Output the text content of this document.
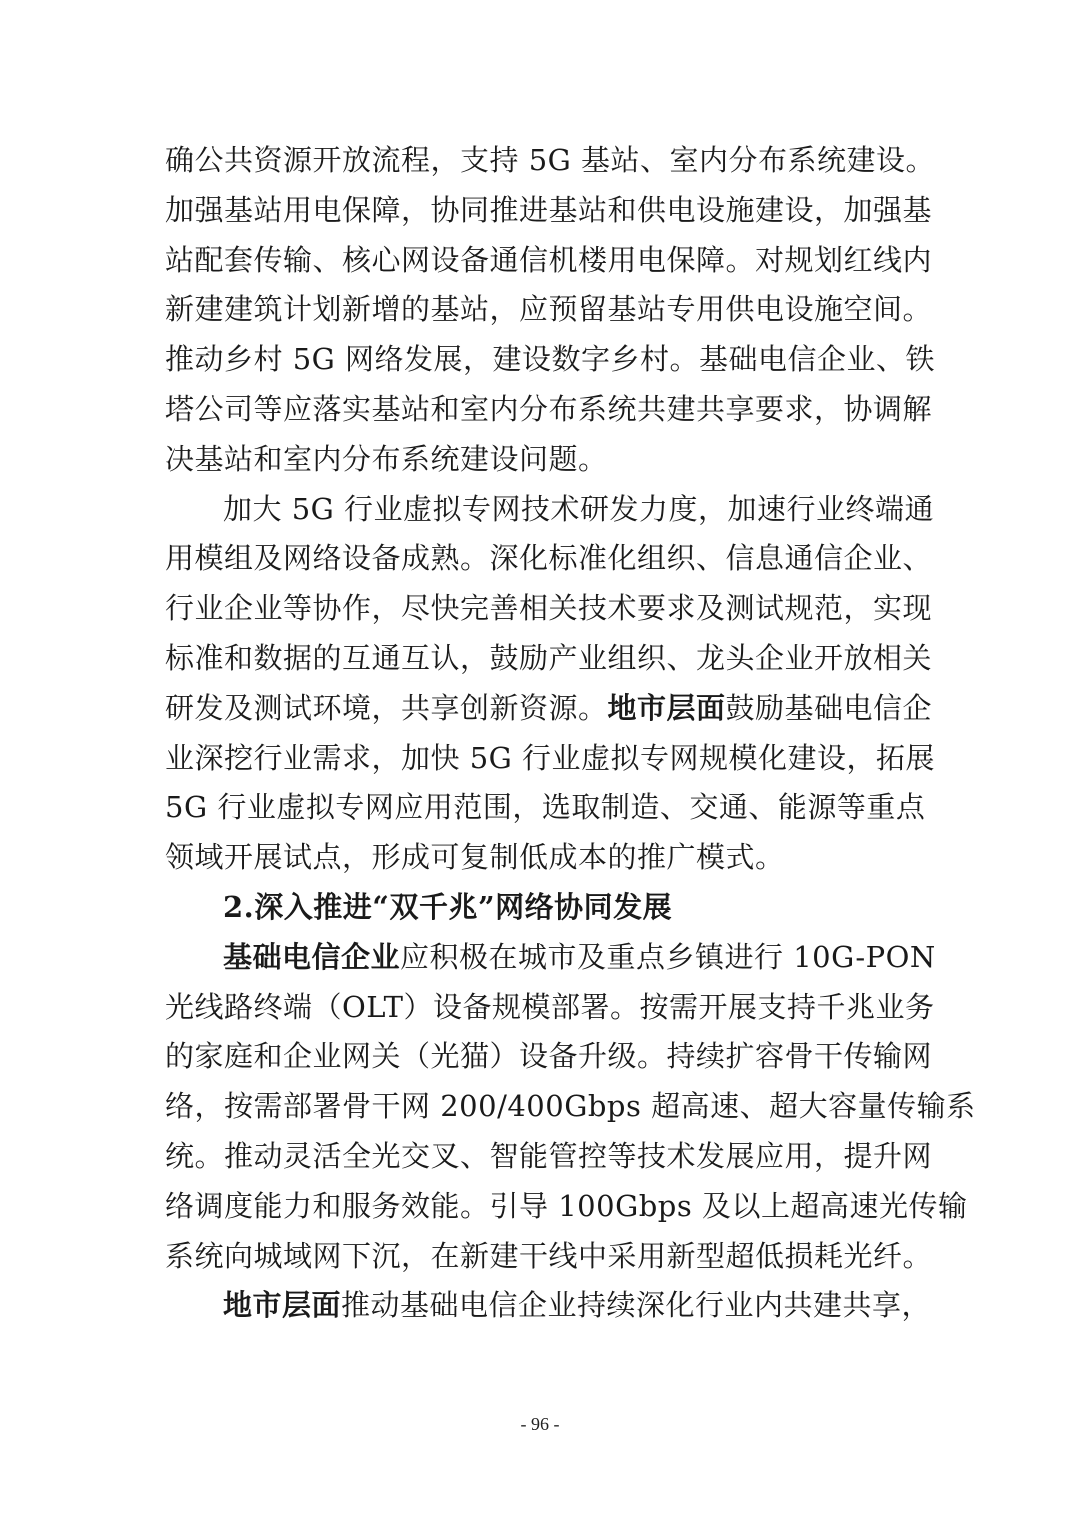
确公共资源开放流程，支持 5G 基站、室内分布系统建设。
加强基站用电保障，协同推进基站和供电设施建设，加强基
站配套传输、核心网设备通信机楼用电保障。对规划红线内
新建建筑计划新增的基站，应预留基站专用供电设施空间。
推动乡村 5G 网络发展，建设数字乡村。基础电信企业、铁
塔公司等应落实基站和室内分布系统共建共享要求，协调解
决基站和室内分布系统建设问题。
加大 5G 行业虚拟专网技术研发力度，加速行业终端通
用模组及网络设备成熟。深化标准化组织、信息通信企业、
行业企业等协作，尽快完善相关技术要求及测试规范，实现
标准和数据的互通互认，鼓励产业组织、龙头企业开放相关
研发及测试环境，共享创新资源。地市层面鼓励基础电信企
业深挖行业需求，加快 5G 行业虚拟专网规模化建设，拓展
5G 行业虚拟专网应用范围，选取制造、交通、能源等重点
领域开展试点，形成可复制低成本的推广模式。
2.深入推进“双千兆”网络协同发展
基础电信企业应积极在城市及重点乡镇进行 10G-PON
光线路终端（OLT）设备规模部署。按需开展支持千兆业务
的家庭和企业网关（光猫）设备升级。持续扩容骨干传输网
络，按需部署骨干网 200/400Gbps 超高速、超大容量传输系
统。推动灵活全光交叉、智能管控等技术发展应用，提升网
络调度能力和服务效能。引导 100Gbps 及以上超高速光传输
系统向城域网下沉，在新建干线中采用新型超低损耗光纤。
地市层面推动基础电信企业持续深化行业内共建共享，
- 96 -
